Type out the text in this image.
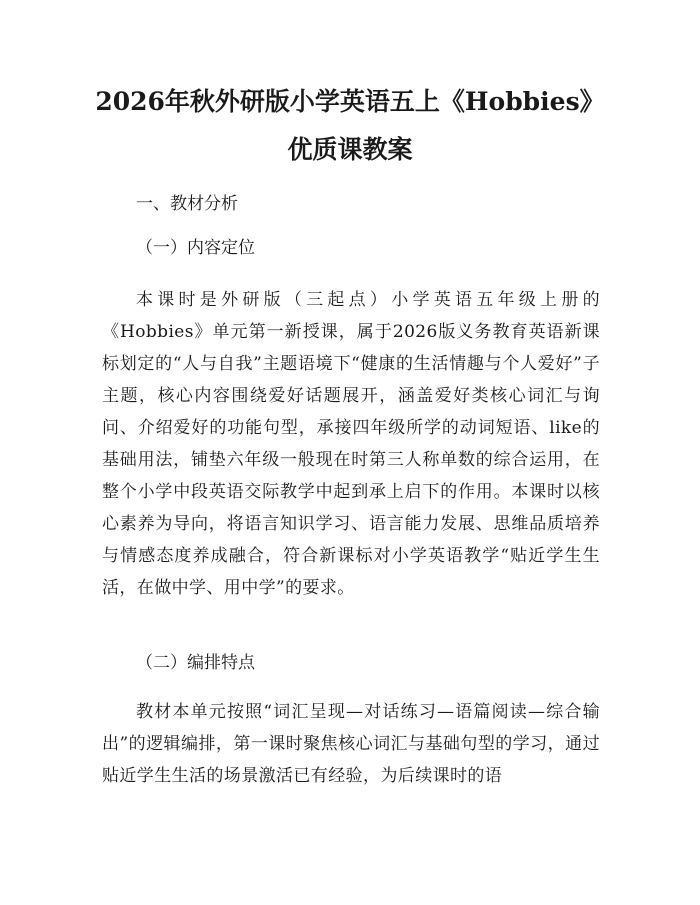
2026年秋外研版小学英语五上《Hobbies》
优质课教案
一、教材分析
（一）内容定位
本课时是外研版（三起点）小学英语五年级上册的《Hobbies》单元第一新授课，属于2026版义务教育英语新课标划定的“人与自我”主题语境下“健康的生活情趣与个人爱好”子主题，核心内容围绕爱好话题展开，涵盖爱好类核心词汇与询问、介绍爱好的功能句型，承接四年级所学的动词短语、like的基础用法，铺垫六年级一般现在时第三人称单数的综合运用，在整个小学中段英语交际教学中起到承上启下的作用。本课时以核心素养为导向，将语言知识学习、语言能力发展、思维品质培养与情感态度养成融合，符合新课标对小学英语教学“贴近学生生活，在做中学、用中学”的要求。
（二）编排特点
教材本单元按照“词汇呈现—对话练习—语篇阅读—综合输出”的逻辑编排，第一课时聚焦核心词汇与基础句型的学习，通过贴近学生生活的场景激活已有经验，为后续课时的语
